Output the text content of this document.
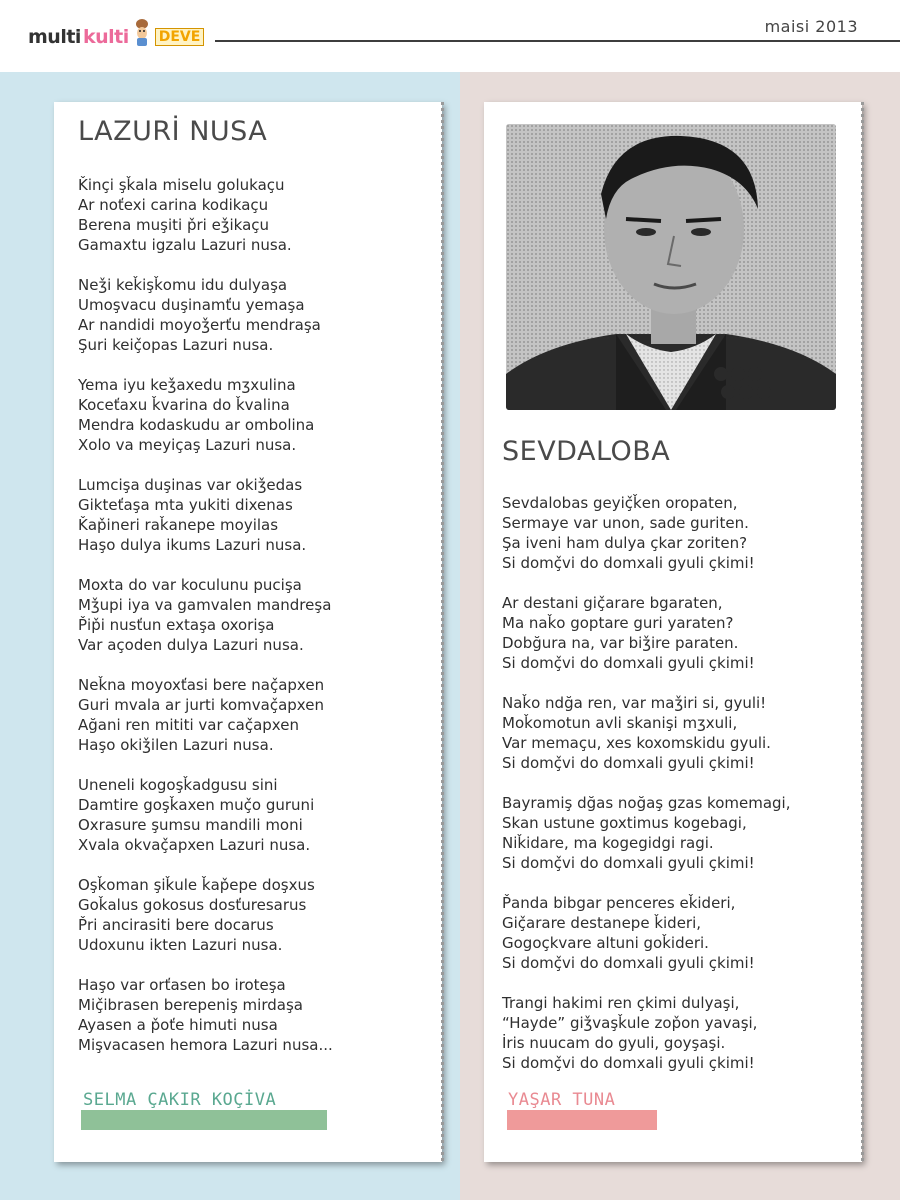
multi kulti DEVE
maisi 2013
LAZURİ NUSA
Ǩinçi şǩala miselu golukaçu
Ar noťexi carina kodikaçu
Berena muşiti p̌ri eǯikaçu
Gamaxtu igzalu Lazuri nusa.
Neǯi keǩişǩomu idu dulyaşa
Umoşvacu duşinamťu yemaşa
Ar nandidi moyoǯerťu mendraşa
Şuri keiç̌opas Lazuri nusa.
Yema iyu keǯaxedu mʒxulina
Koceťaxu ǩvarina do ǩvalina
Mendra kodaskudu ar ombolina
Xolo va meyiçaş Lazuri nusa.
Lumcişa duşinas var okiǯedas
Gikteťaşa mta yukiti dixenas
Ǩap̌ineri raǩanepe moyilas
Haşo dulya ikums Lazuri nusa.
Moxta do var koculunu pucişa
Mǯupi iya va gamvalen mandreşa
P̌ip̌i nusťun extaşa oxorişa
Var açoden dulya Lazuri nusa.
Neǩna moyoxťasi bere naç̌apxen
Guri mvala ar jurti komvaç̌apxen
Ağani ren mititi var caç̌apxen
Haşo okiǯilen Lazuri nusa.
Uneneli kogoşǩadgusu sini
Damtire goşǩaxen muç̌o guruni
Oxrasure şumsu mandili moni
Xvala okvaç̌apxen Lazuri nusa.
Oşǩoman şiǩule ǩap̌epe doşxus
Goǩalus gokosus dosťuresarus
P̌ri ancirasiti bere docarus
Udoxunu ikten Lazuri nusa.
Haşo var orťasen bo iroteşa
Miç̌ibrasen berepeniş mirdaşa
Ayasen a p̌oťe himuti nusa
Mişvacasen hemora Lazuri nusa...
SELMA ÇAKIR KOÇİVA
SEVDALOBA
Sevdalobas geyiç̌ǩen oropaten,
Sermaye var unon, sade guriten.
Şa iveni ham dulya çkar zoriten?
Si domç̌vi do domxali gyuli çkimi!
Ar destani giç̌arare bgaraten,
Ma naǩo goptare guri yaraten?
Dobğura na, var biǯire paraten.
Si domç̌vi do domxali gyuli çkimi!
Naǩo ndğa ren, var maǯiri si, gyuli!
Moǩomotun avli skanişi mʒxuli,
Var memaçu, xes koxomskidu gyuli.
Si domç̌vi do domxali gyuli çkimi!
Bayramiş dğas noğaş gzas komemagi,
Skan ustune goxtimus kogebagi,
Niǩidare, ma kogegidgi ragi.
Si domç̌vi do domxali gyuli çkimi!
P̌anda bibgar penceres eǩideri,
Giç̌arare destanepe ǩideri,
Gogoçkvare altuni goǩideri.
Si domç̌vi do domxali gyuli çkimi!
Trangi hakimi ren çkimi dulyaşi,
“Hayde” giǯvaşǩule zop̌on yavaşi,
İris nuucam do gyuli, goyşaşi.
Si domç̌vi do domxali gyuli çkimi!
YAŞAR TUNA
